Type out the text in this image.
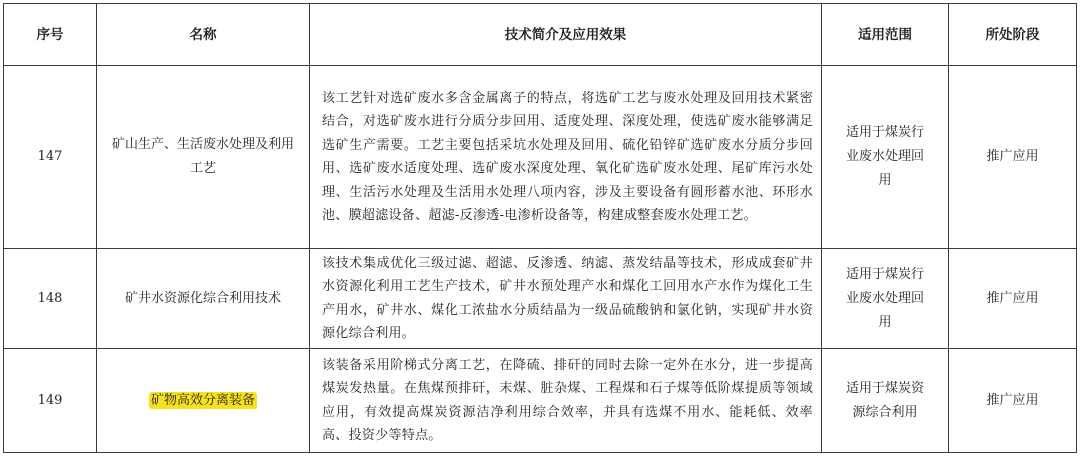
序号	名称	技术简介及应用效果	适用范围	所处阶段
147	矿山生产、生活废水处理及利用工艺	该工艺针对选矿废水多含金属离子的特点，将选矿工艺与废水处理及回用技术紧密结合，对选矿废水进行分质分步回用、适度处理、深度处理，使选矿废水能够满足选矿生产需要。工艺主要包括采坑水处理及回用、硫化铅锌矿选矿废水分质分步回用、选矿废水适度处理、选矿废水深度处理、氧化矿选矿废水处理、尾矿库污水处理、生活污水处理及生活用水处理八项内容，涉及主要设备有圆形蓄水池、环形水池、膜超滤设备、超滤-反渗透-电渗析设备等，构建成整套废水处理工艺。	适用于煤炭行业废水处理回用	推广应用
148	矿井水资源化综合利用技术	该技术集成优化三级过滤、超滤、反渗透、纳滤、蒸发结晶等技术，形成成套矿井水资源化利用工艺生产技术，矿井水预处理产水和煤化工回用水产水作为煤化工生产用水，矿井水、煤化工浓盐水分质结晶为一级品硫酸钠和氯化钠，实现矿井水资源化综合利用。	适用于煤炭行业废水处理回用	推广应用
149	矿物高效分离装备	该装备采用阶梯式分离工艺，在降硫、排矸的同时去除一定外在水分，进一步提高煤炭发热量。在焦煤预排矸，末煤、脏杂煤、工程煤和石子煤等低阶煤提质等领域应用，有效提高煤炭资源洁净利用综合效率，并具有选煤不用水、能耗低、效率高、投资少等特点。	适用于煤炭资源综合利用	推广应用
